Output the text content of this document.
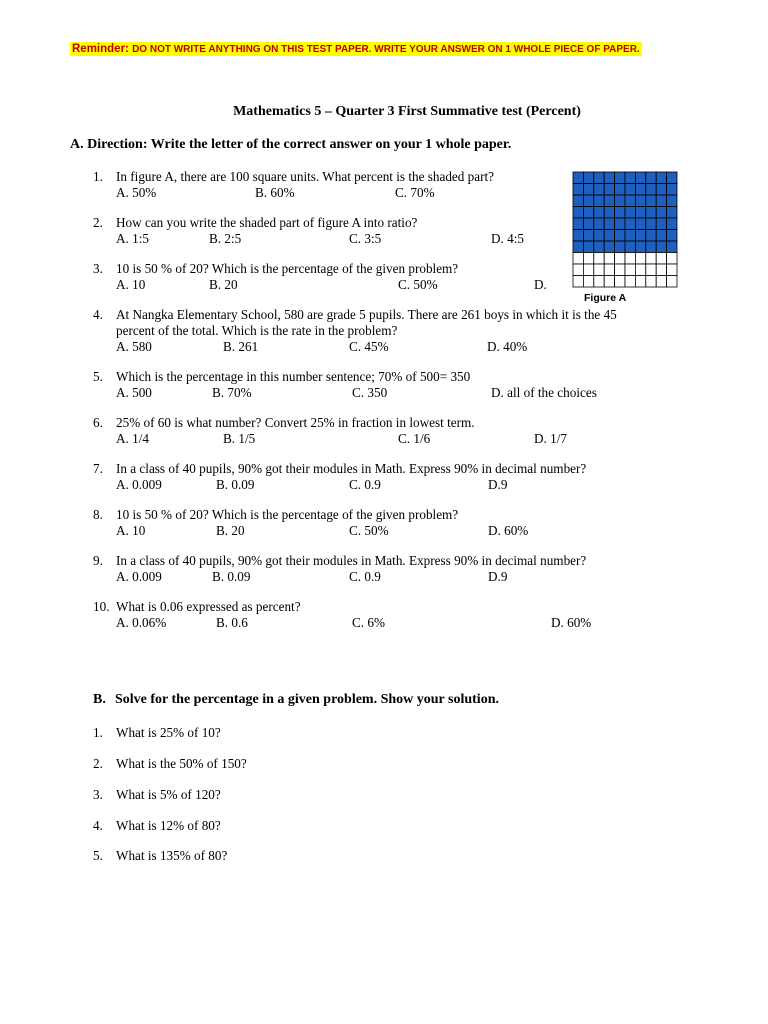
Reminder: DO NOT WRITE ANYTHING ON THIS TEST PAPER. WRITE YOUR ANSWER ON 1 WHOLE PIECE OF PAPER.
Mathematics 5 – Quarter 3 First Summative test (Percent)
A. Direction: Write the letter of the correct answer on your 1 whole paper.
1. In figure A, there are 100 square units. What percent is the shaded part?
A. 50%	B. 60%	C. 70%
2. How can you write the shaded part of figure A into ratio?
A. 1:5	B. 2:5	C. 3:5	D. 4:5
3. 10 is 50 % of 20? Which is the percentage of the given problem?
A. 10	B. 20	C. 50%	D.
4. At Nangka Elementary School, 580 are grade 5 pupils. There are 261 boys in which it is the 45
percent of the total. Which is the rate in the problem?
A. 580	B. 261	C. 45%	D. 40%
5. Which is the percentage in this number sentence; 70% of 500= 350
A. 500	B. 70%	C. 350	D. all of the choices
6. 25% of 60 is what number? Convert 25% in fraction in lowest term.
A. 1/4	B. 1/5	C. 1/6	D. 1/7
7. In a class of 40 pupils, 90% got their modules in Math. Express 90% in decimal number?
A. 0.009	B. 0.09	C. 0.9	D.9
8. 10 is 50 % of 20? Which is the percentage of the given problem?
A. 10	B. 20	C. 50%	D. 60%
9. In a class of 40 pupils, 90% got their modules in Math. Express 90% in decimal number?
A. 0.009	B. 0.09	C. 0.9	D.9
10. What is 0.06 expressed as percent?
A. 0.06%	B. 0.6	C. 6%	D. 60%
Figure A
B. Solve for the percentage in a given problem. Show your solution.
1. What is 25% of 10?
2. What is the 50% of 150?
3. What is 5% of 120?
4. What is 12% of 80?
5. What is 135% of 80?
